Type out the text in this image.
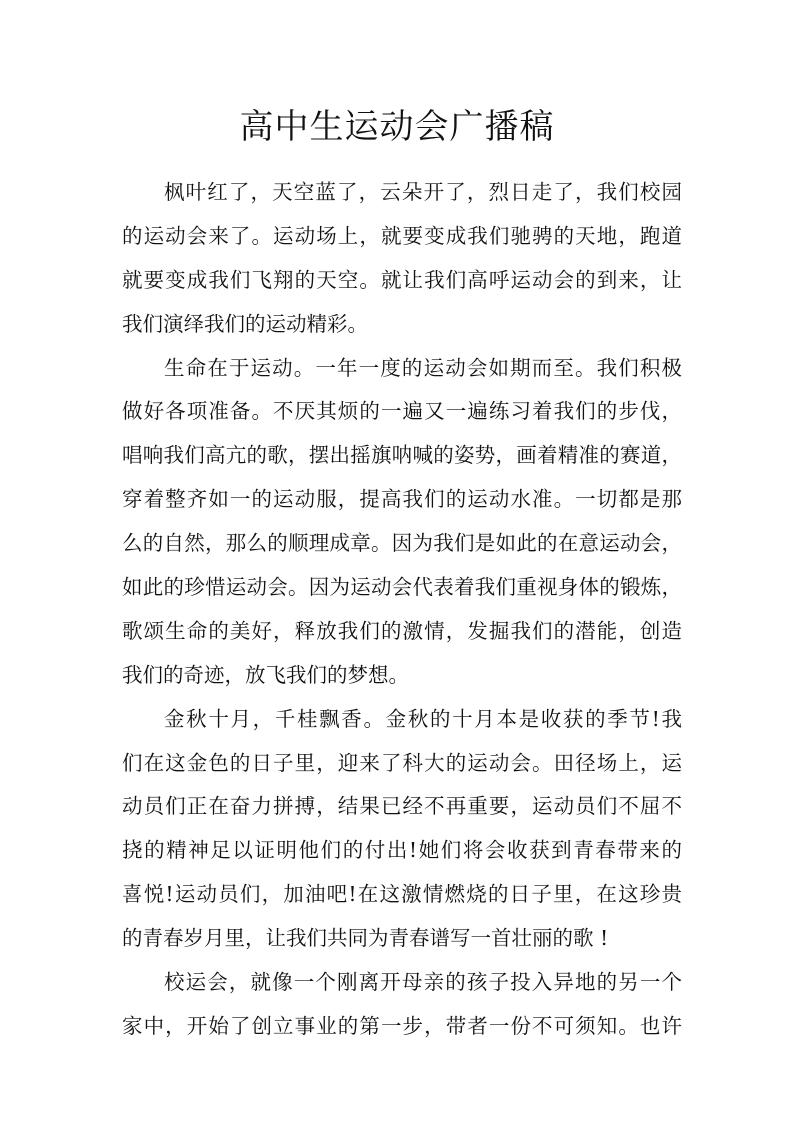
高中生运动会广播稿
枫叶红了，天空蓝了，云朵开了，烈日走了，我们校园
的运动会来了。运动场上，就要变成我们驰骋的天地，跑道
就要变成我们飞翔的天空。就让我们高呼运动会的到来，让
我们演绎我们的运动精彩。
生命在于运动。一年一度的运动会如期而至。我们积极
做好各项准备。不厌其烦的一遍又一遍练习着我们的步伐，
唱响我们高亢的歌，摆出摇旗呐喊的姿势，画着精准的赛道，
穿着整齐如一的运动服，提高我们的运动水准。一切都是那
么的自然，那么的顺理成章。因为我们是如此的在意运动会，
如此的珍惜运动会。因为运动会代表着我们重视身体的锻炼，
歌颂生命的美好，释放我们的激情，发掘我们的潜能，创造
我们的奇迹，放飞我们的梦想。
金秋十月，千桂飘香。金秋的十月本是收获的季节!我
们在这金色的日子里，迎来了科大的运动会。田径场上，运
动员们正在奋力拼搏，结果已经不再重要，运动员们不屈不
挠的精神足以证明他们的付出!她们将会收获到青春带来的
喜悦!运动员们，加油吧!在这激情燃烧的日子里，在这珍贵
的青春岁月里，让我们共同为青春谱写一首壮丽的歌 !
校运会，就像一个刚离开母亲的孩子投入异地的另一个
家中，开始了创立事业的第一步，带者一份不可须知。也许
